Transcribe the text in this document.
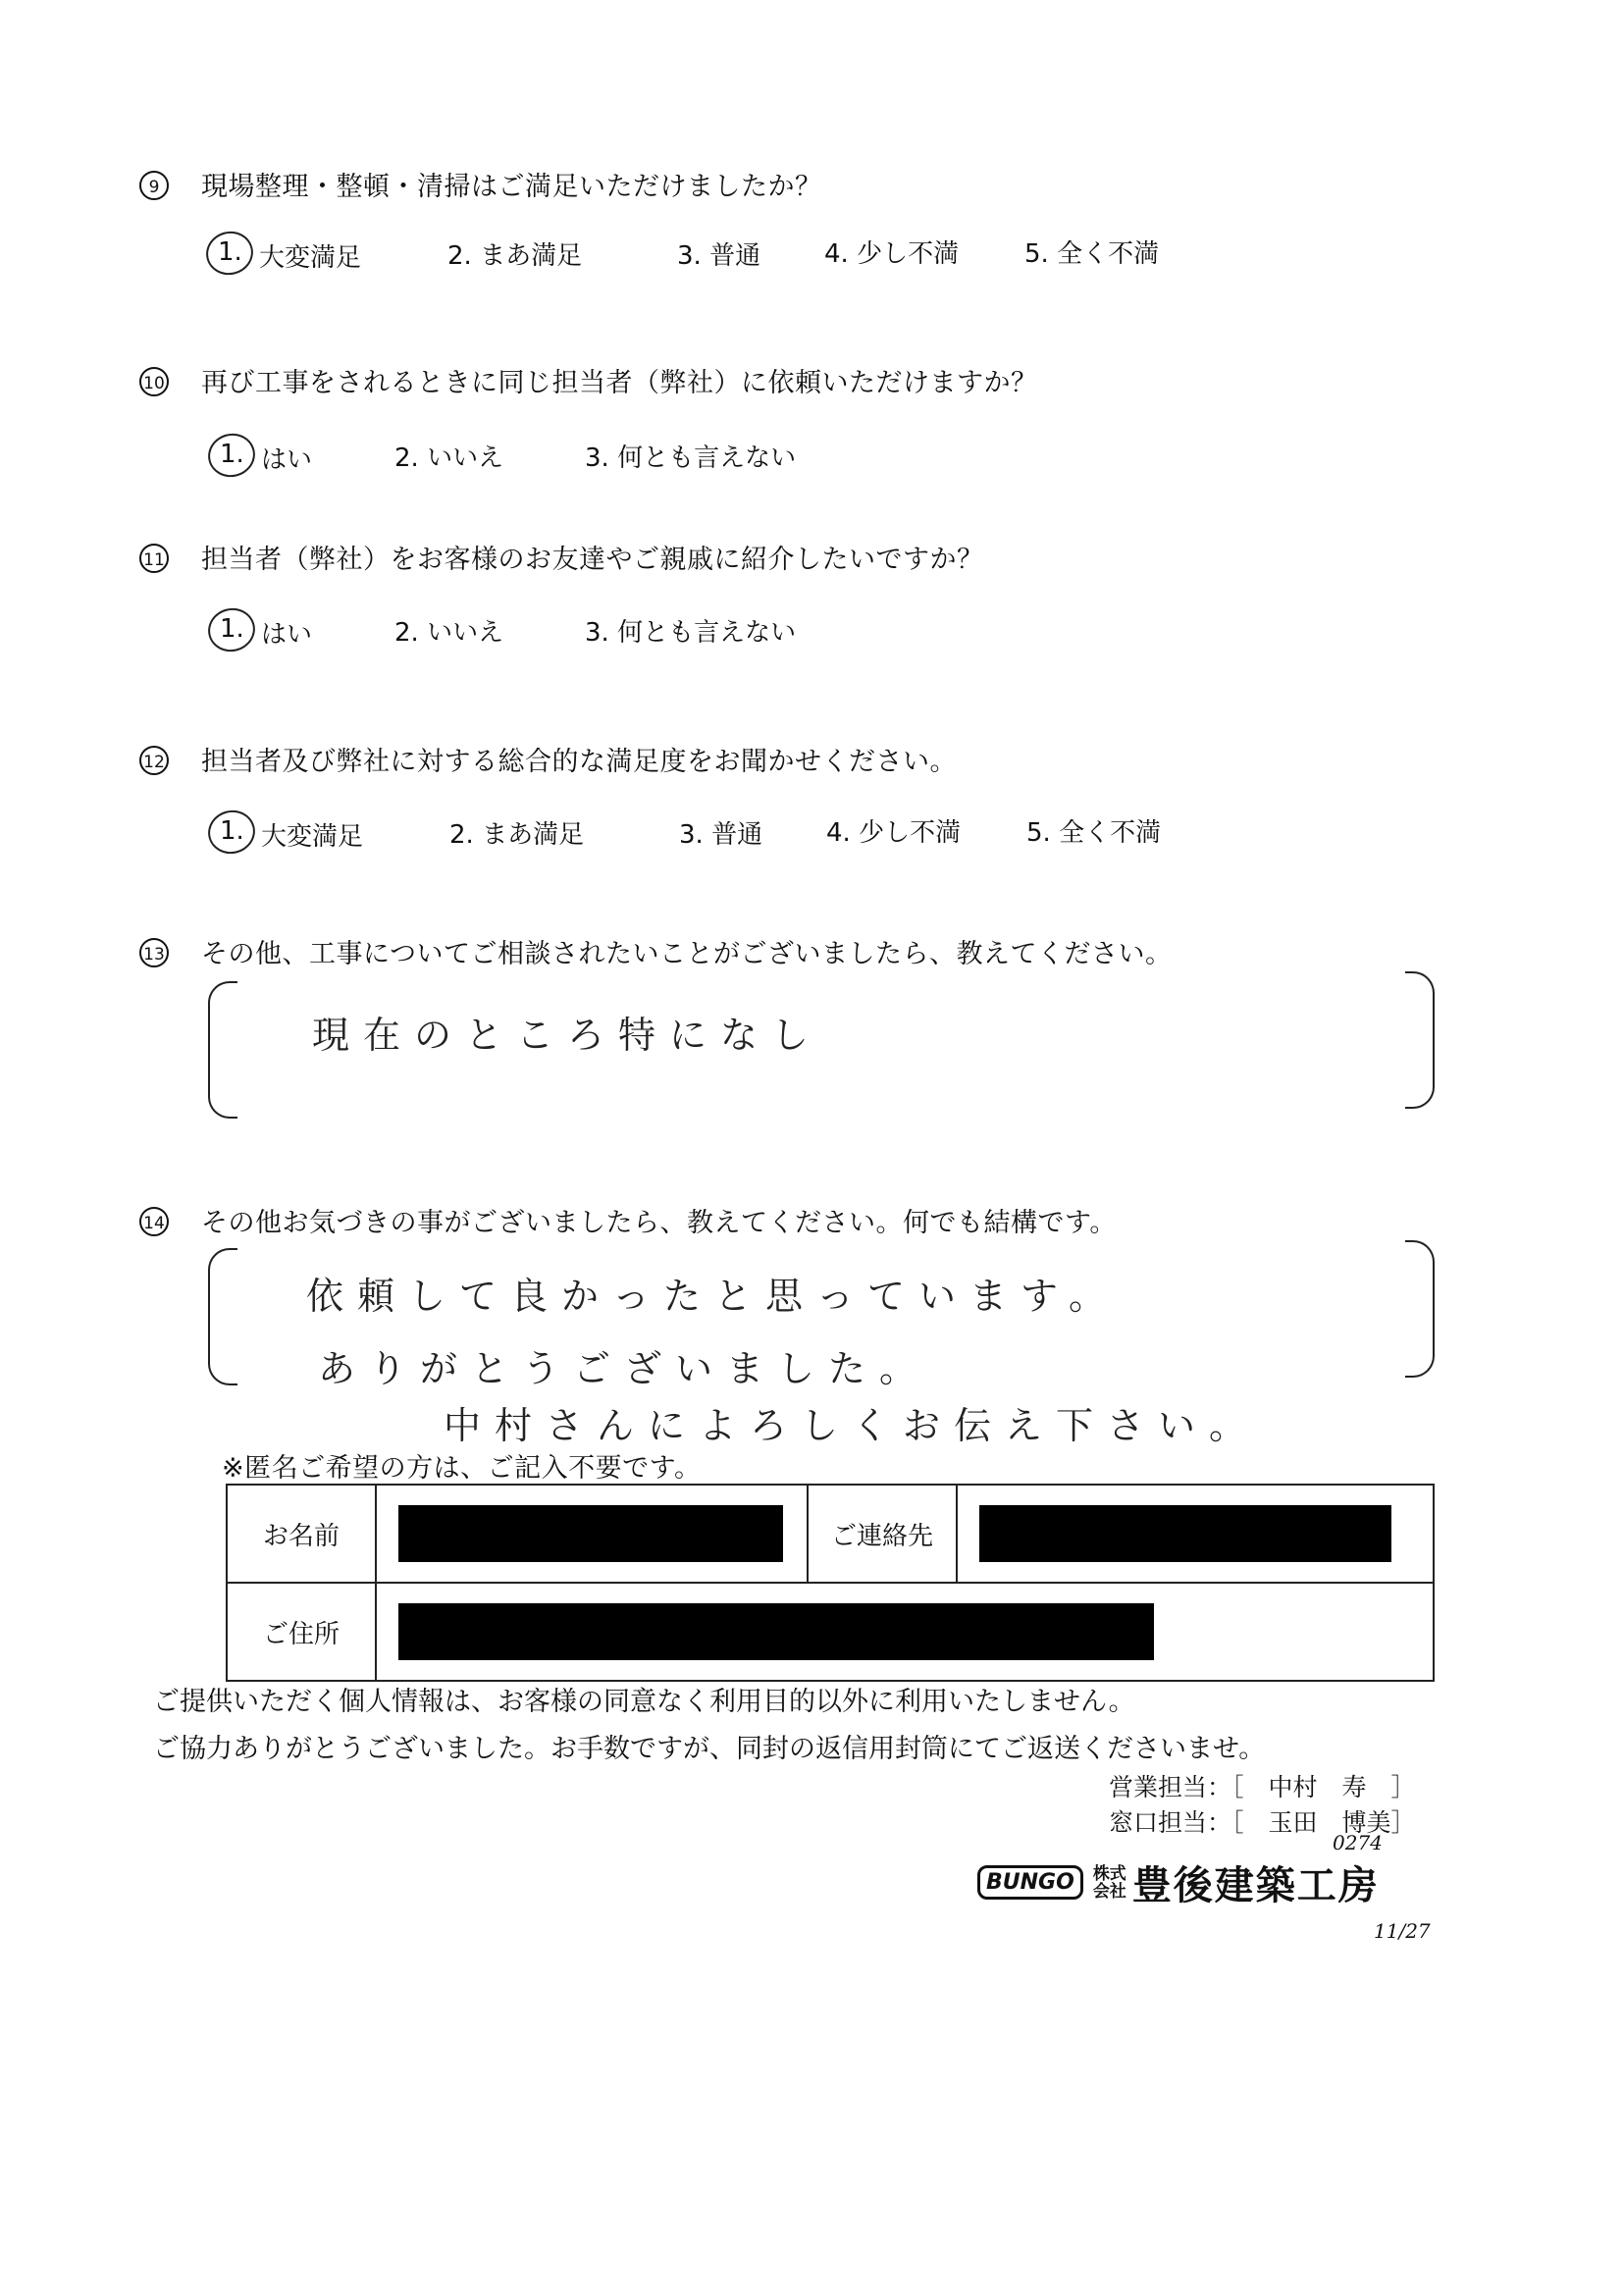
9	現場整理・整頓・清掃はご満足いただけましたか？
1. 大変満足	2. まあ満足	3. 普通 4. 少し不満	5. 全く不満
10 再び工事をされるときに同じ担当者（弊社）に依頼いただけますか？
1. はい	2. いいえ	3. 何とも言えない
11 担当者（弊社）をお客様のお友達やご親戚に紹介したいですか？
1. はい	2. いいえ	3. 何とも言えない
12 担当者及び弊社に対する総合的な満足度をお聞かせください。
1. 大変満足	2. まあ満足	3. 普通 4. 少し不満	5. 全く不満
13 その他、工事についてご相談されたいことがございましたら、教えてください。
現在のところ特になし
14 その他お気づきの事がございましたら、教えてください。何でも結構です。
依頼して良かったと思っています。
ありがとうございました。
中村さんによろしくお伝え下さい。
※匿名ご希望の方は、ご記入不要です。
お名前		ご連絡先	

ご住所			
ご提供いただく個人情報は、お客様の同意なく利用目的以外に利用いたしません。
ご協力ありがとうございました。お手数ですが、同封の返信用封筒にてご返送くださいませ。
営業担当：［　中村　寿　］
窓口担当：［　玉田　博美］
0274
BUNGO	株式
会社 豊後建築工房
11/27
